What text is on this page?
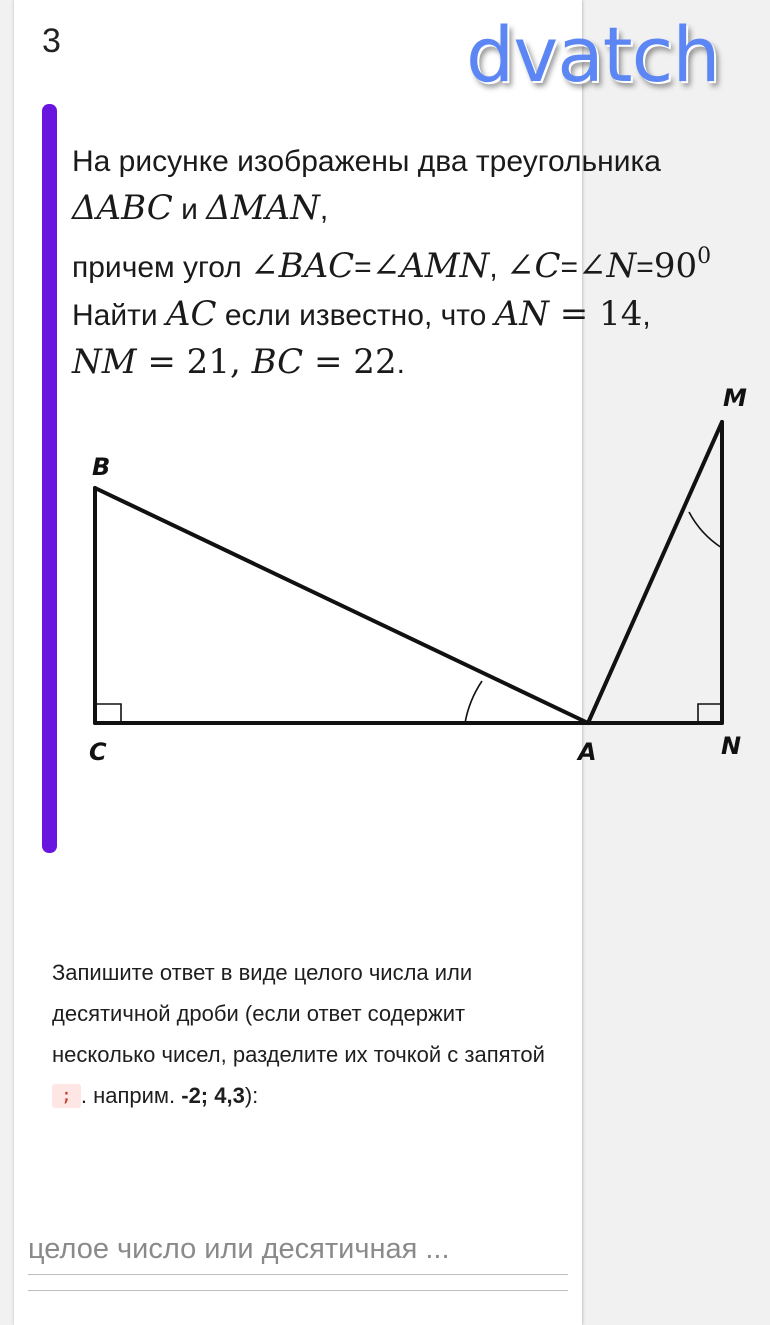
3	dvatch
На рисунке изображены два треугольника
ΔABC и ΔMAN,
причем угол ∠BAC=∠AMN, $\angle C=\angle N=90^0$
Найти AC если известно, что AN = 14,
NM = 21, BC = 22.
B
C	A
M
N
Запишите ответ в виде целого числа или десятичной дроби (если ответ содержит несколько чисел, разделите их точкой с запятой ; . наприм. -2; 4,3):
целое число или десятичная ...
